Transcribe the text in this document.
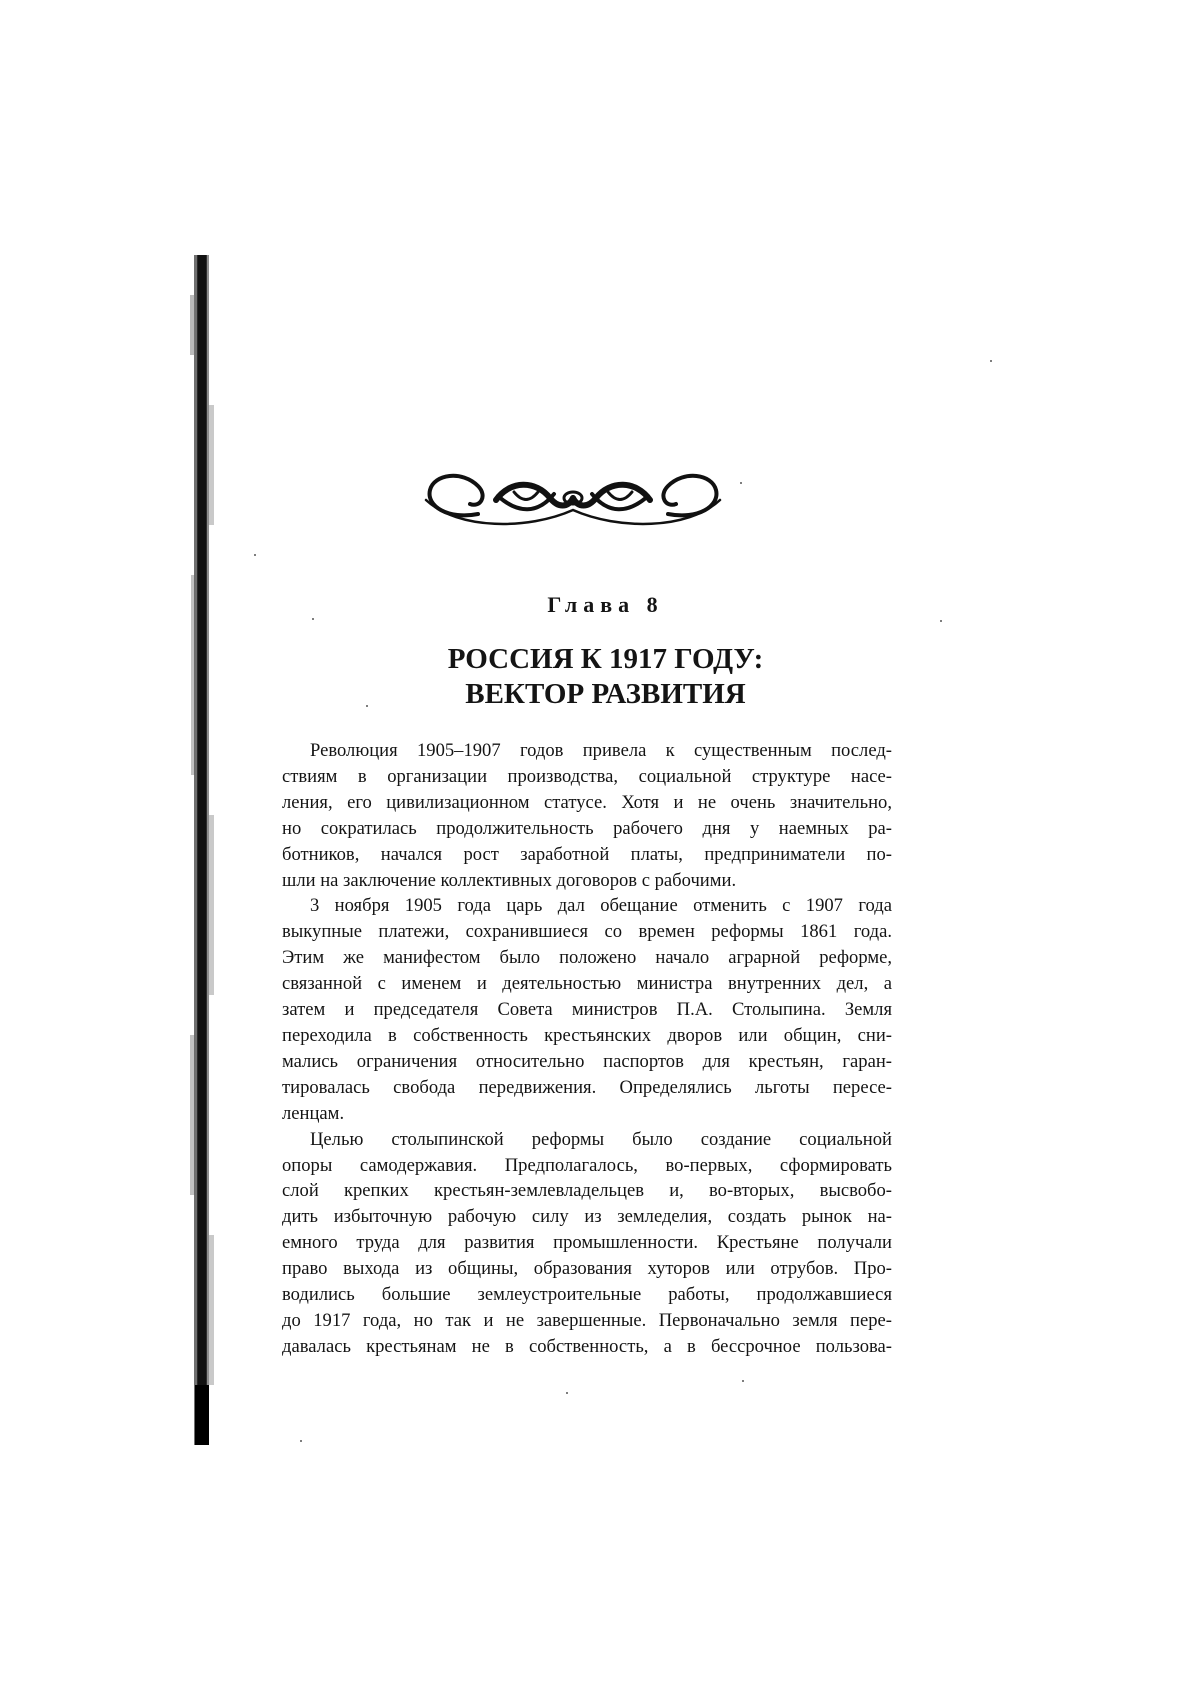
Глава 8
РОССИЯ К 1917 ГОДУ:
ВЕКТОР РАЗВИТИЯ
Революция 1905–1907 годов привела к существенным послед-
ствиям в организации производства, социальной структуре насе-
ления, его цивилизационном статусе. Хотя и не очень значительно,
но сократилась продолжительность рабочего дня у наемных ра-
ботников, начался рост заработной платы, предприниматели по-
шли на заключение коллективных договоров с рабочими.
3 ноября 1905 года царь дал обещание отменить с 1907 года
выкупные платежи, сохранившиеся со времен реформы 1861 года.
Этим же манифестом было положено начало аграрной реформе,
связанной с именем и деятельностью министра внутренних дел, а
затем и председателя Совета министров П.А. Столыпина. Земля
переходила в собственность крестьянских дворов или общин, сни-
мались ограничения относительно паспортов для крестьян, гаран-
тировалась свобода передвижения. Определялись льготы пересе-
ленцам.
Целью столыпинской реформы было создание социальной
опоры самодержавия. Предполагалось, во-первых, сформировать
слой крепких крестьян-землевладельцев и, во-вторых, высвобо-
дить избыточную рабочую силу из земледелия, создать рынок на-
емного труда для развития промышленности. Крестьяне получали
право выхода из общины, образования хуторов или отрубов. Про-
водились большие землеустроительные работы, продолжавшиеся
до 1917 года, но так и не завершенные. Первоначально земля пере-
давалась крестьянам не в собственность, а в бессрочное пользова-
